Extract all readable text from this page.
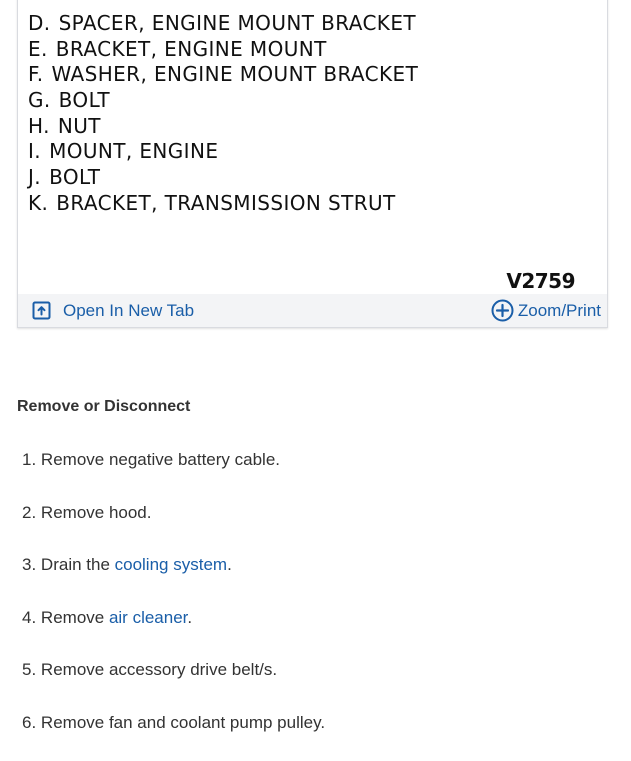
D. SPACER, ENGINE MOUNT BRACKET
E. BRACKET, ENGINE MOUNT
F. WASHER, ENGINE MOUNT BRACKET
G. BOLT
H. NUT
I. MOUNT, ENGINE
J. BOLT
K. BRACKET, TRANSMISSION STRUT
V2759
Open In New Tab	Zoom/Print
Remove or Disconnect
1. Remove negative battery cable.
2. Remove hood.
3. Drain the cooling system.
4. Remove air cleaner.
5. Remove accessory drive belt/s.
6. Remove fan and coolant pump pulley.
